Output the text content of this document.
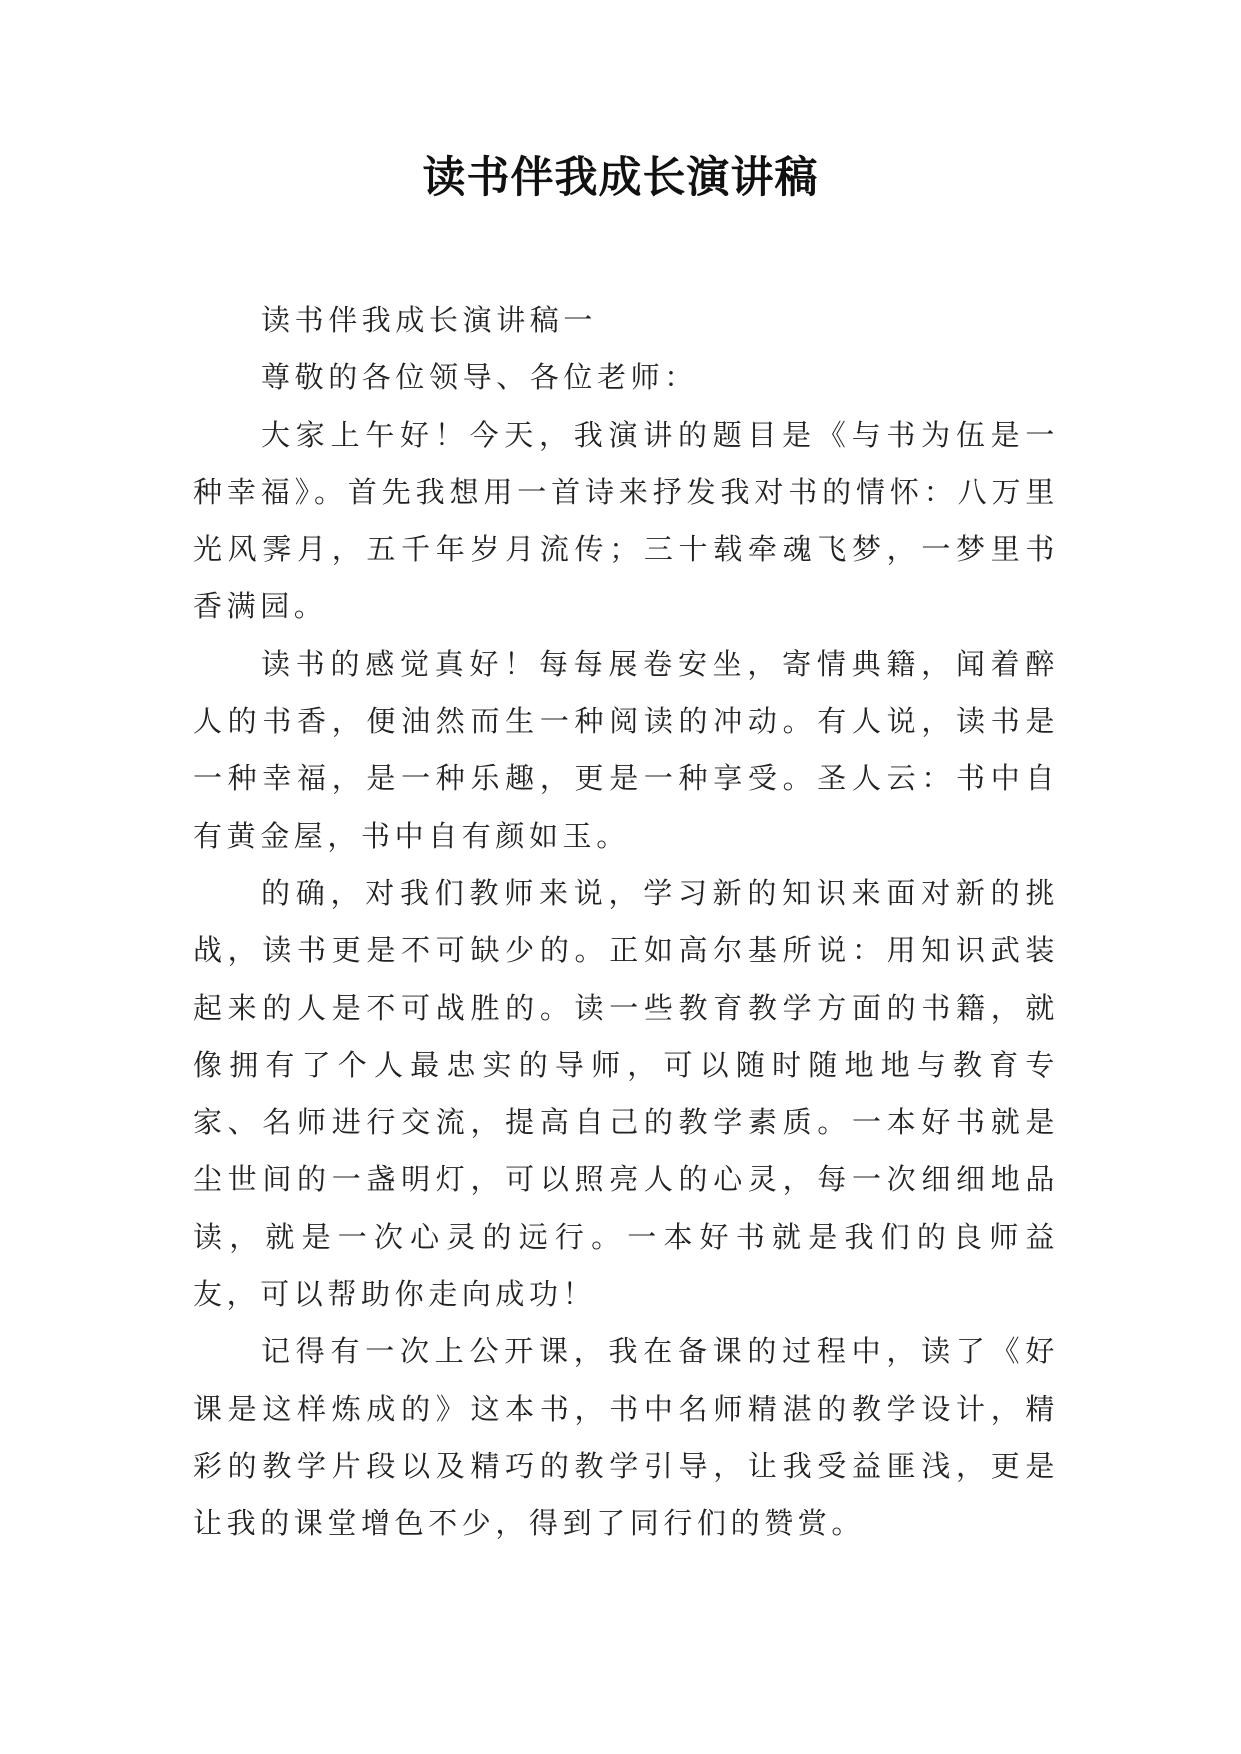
读书伴我成长演讲稿

读书伴我成长演讲稿一

尊敬的各位领导、各位老师：

大家上午好！今天，我演讲的题目是《与书为伍是一种幸福》。首先我想用一首诗来抒发我对书的情怀：八万里光风霁月，五千年岁月流传；三十载牵魂飞梦，一梦里书香满园。

读书的感觉真好！每每展卷安坐，寄情典籍，闻着醉人的书香，便油然而生一种阅读的冲动。有人说，读书是一种幸福，是一种乐趣，更是一种享受。圣人云：书中自有黄金屋，书中自有颜如玉。

的确，对我们教师来说，学习新的知识来面对新的挑战，读书更是不可缺少的。正如高尔基所说：用知识武装起来的人是不可战胜的。读一些教育教学方面的书籍，就像拥有了个人最忠实的导师，可以随时随地地与教育专家、名师进行交流，提高自己的教学素质。一本好书就是尘世间的一盏明灯，可以照亮人的心灵，每一次细细地品读，就是一次心灵的远行。一本好书就是我们的良师益友，可以帮助你走向成功！

记得有一次上公开课，我在备课的过程中，读了《好课是这样炼成的》这本书，书中名师精湛的教学设计，精彩的教学片段以及精巧的教学引导，让我受益匪浅，更是让我的课堂增色不少，得到了同行们的赞赏。
